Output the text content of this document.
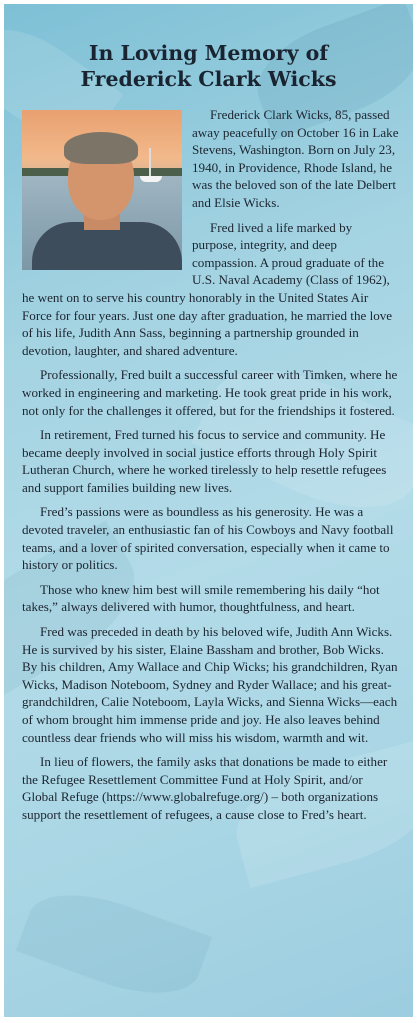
In Loving Memory of
Frederick Clark Wicks

Frederick Clark Wicks, 85, passed away peacefully on October 16 in Lake Stevens, Washington. Born on July 23, 1940, in Providence, Rhode Island, he was the beloved son of the late Delbert and Elsie Wicks.

Fred lived a life marked by purpose, integrity, and deep compassion. A proud graduate of the U.S. Naval Academy (Class of 1962), he went on to serve his country honorably in the United States Air Force for four years. Just one day after graduation, he married the love of his life, Judith Ann Sass, beginning a partnership grounded in devotion, laughter, and shared adventure.

Professionally, Fred built a successful career with Timken, where he worked in engineering and marketing. He took great pride in his work, not only for the challenges it offered, but for the friendships it fostered.

In retirement, Fred turned his focus to service and community. He became deeply involved in social justice efforts through Holy Spirit Lutheran Church, where he worked tirelessly to help resettle refugees and support families building new lives.

Fred’s passions were as boundless as his generosity. He was a devoted traveler, an enthusiastic fan of his Cowboys and Navy football teams, and a lover of spirited conversation, especially when it came to history or politics.

Those who knew him best will smile remembering his daily “hot takes,” always delivered with humor, thoughtfulness, and heart.

Fred was preceded in death by his beloved wife, Judith Ann Wicks. He is survived by his sister, Elaine Bassham and brother, Bob Wicks. By his children, Amy Wallace and Chip Wicks; his grandchildren, Ryan Wicks, Madison Noteboom, Sydney and Ryder Wallace; and his great-grandchildren, Calie Noteboom, Layla Wicks, and Sienna Wicks—each of whom brought him immense pride and joy. He also leaves behind countless dear friends who will miss his wisdom, warmth and wit.

In lieu of flowers, the family asks that donations be made to either the Refugee Resettlement Committee Fund at Holy Spirit, and/or Global Refuge (https://www.globalrefuge.org/) – both organizations support the resettlement of refugees, a cause close to Fred’s heart.
